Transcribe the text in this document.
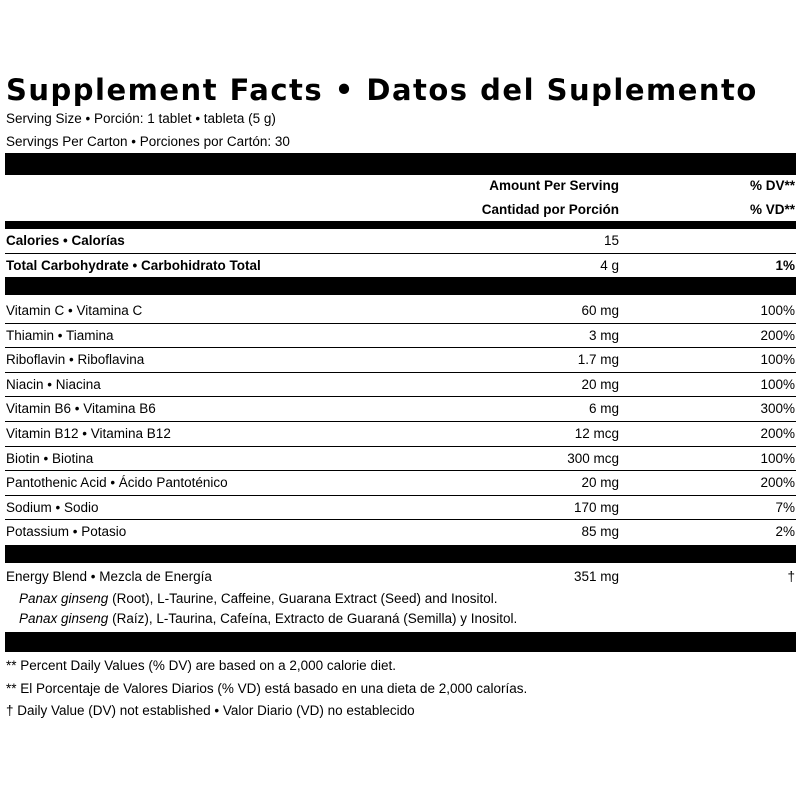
Supplement Facts • Datos del Suplemento
Serving Size • Porción: 1 tablet • tableta (5 g)
Servings Per Carton • Porciones por Cartón: 30
Amount Per Serving	% DV**
Cantidad por Porción	% VD**
Calories • Calorías	15
Total Carbohydrate • Carbohidrato Total	4 g	1%
Vitamin C • Vitamina C	60 mg	100%
Thiamin • Tiamina	3 mg	200%
Riboflavin • Riboflavina	1.7 mg	100%
Niacin • Niacina	20 mg	100%
Vitamin B6 • Vitamina B6	6 mg	300%
Vitamin B12 • Vitamina B12	12 mcg	200%
Biotin • Biotina	300 mcg	100%
Pantothenic Acid • Ácido Pantoténico	20 mg	200%
Sodium • Sodio	170 mg	7%
Potassium • Potasio	85 mg	2%
Energy Blend • Mezcla de Energía	351 mg	†
Panax ginseng (Root), L-Taurine, Caffeine, Guarana Extract (Seed) and Inositol.
Panax ginseng (Raíz), L-Taurina, Cafeína, Extracto de Guaraná (Semilla) y Inositol.
** Percent Daily Values (% DV) are based on a 2,000 calorie diet.
** El Porcentaje de Valores Diarios (% VD) está basado en una dieta de 2,000 calorías.
† Daily Value (DV) not established • Valor Diario (VD) no establecido
